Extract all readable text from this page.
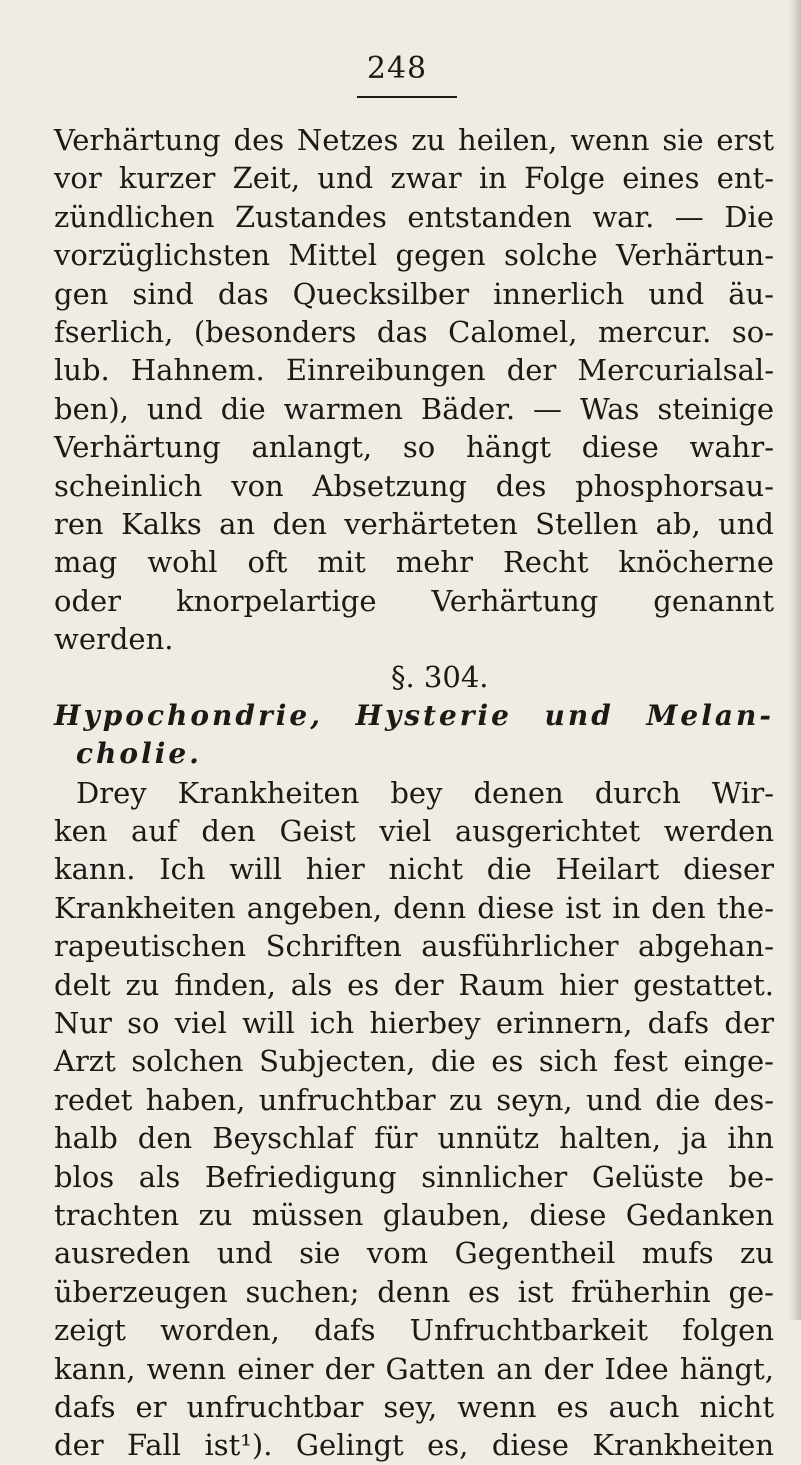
248
Verhärtung des Netzes zu heilen, wenn sie erst
vor kurzer Zeit, und zwar in Folge eines ent-
zündlichen Zustandes entstanden war. — Die
vorzüglichsten Mittel gegen solche Verhärtun-
gen sind das Quecksilber innerlich und äu-
fserlich, (besonders das Calomel, mercur. so-
lub. Hahnem. Einreibungen der Mercurialsal-
ben), und die warmen Bäder. — Was steinige
Verhärtung anlangt, so hängt diese wahr-
scheinlich von Absetzung des phosphorsau-
ren Kalks an den verhärteten Stellen ab, und
mag wohl oft mit mehr Recht knöcherne
oder knorpelartige Verhärtung genannt
werden.
§. 304.
Hypochondrie, Hysterie und Melan-
cholie.
Drey Krankheiten bey denen durch Wir-
ken auf den Geist viel ausgerichtet werden
kann. Ich will hier nicht die Heilart dieser
Krankheiten angeben, denn diese ist in den the-
rapeutischen Schriften ausführlicher abgehan-
delt zu finden, als es der Raum hier gestattet.
Nur so viel will ich hierbey erinnern, dafs der
Arzt solchen Subjecten, die es sich fest einge-
redet haben, unfruchtbar zu seyn, und die des-
halb den Beyschlaf für unnütz halten, ja ihn
blos als Befriedigung sinnlicher Gelüste be-
trachten zu müssen glauben, diese Gedanken
ausreden und sie vom Gegentheil mufs zu
überzeugen suchen; denn es ist früherhin ge-
zeigt worden, dafs Unfruchtbarkeit folgen
kann, wenn einer der Gatten an der Idee hängt,
dafs er unfruchtbar sey, wenn es auch nicht
der Fall ist¹). Gelingt es, diese Krankheiten
